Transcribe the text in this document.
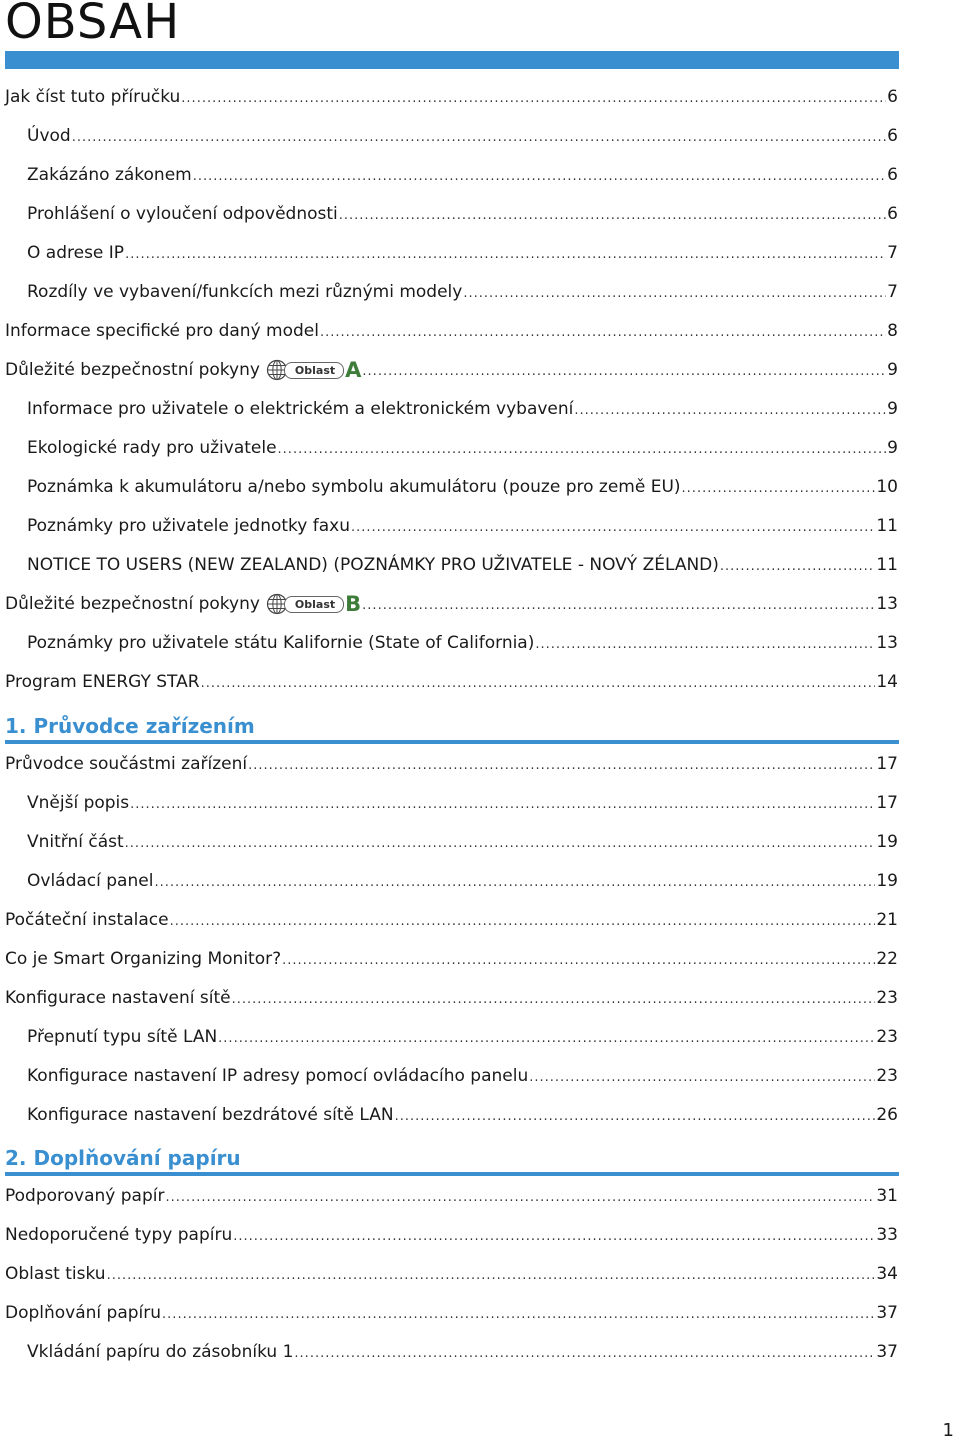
OBSAH
Jak číst tuto příručku .....	6
Úvod .....	6
Zakázáno zákonem .....	6
Prohlášení o vyloučení odpovědnosti .....	6
O adrese IP .....	7
Rozdíly ve vybavení/funkcích mezi různými modely .....	7
Informace specifické pro daný model .....	8
Důležité bezpečnostní pokyny	Oblast A .....	9
Informace pro uživatele o elektrickém a elektronickém vybavení .....	9
Ekologické rady pro uživatele .....	9
Poznámka k akumulátoru a/nebo symbolu akumulátoru (pouze pro země EU) .....	10
Poznámky pro uživatele jednotky faxu .....	11
NOTICE TO USERS (NEW ZEALAND) (POZNÁMKY PRO UŽIVATELE - NOVÝ ZÉLAND) .....	11
Důležité bezpečnostní pokyny	Oblast B .....	13
Poznámky pro uživatele státu Kalifornie (State of California) .....	13
Program ENERGY STAR .....	14
1. Průvodce zařízením
Průvodce součástmi zařízení .....	17
Vnější popis .....	17
Vnitřní část .....	19
Ovládací panel .....	19
Počáteční instalace .....	21
Co je Smart Organizing Monitor? .....	22
Konfigurace nastavení sítě .....	23
Přepnutí typu sítě LAN .....	23
Konfigurace nastavení IP adresy pomocí ovládacího panelu .....	23
Konfigurace nastavení bezdrátové sítě LAN .....	26
2. Doplňování papíru
Podporovaný papír .....	31
Nedoporučené typy papíru .....	33
Oblast tisku .....	34
Doplňování papíru .....	37
Vkládání papíru do zásobníku 1 .....	37
1
